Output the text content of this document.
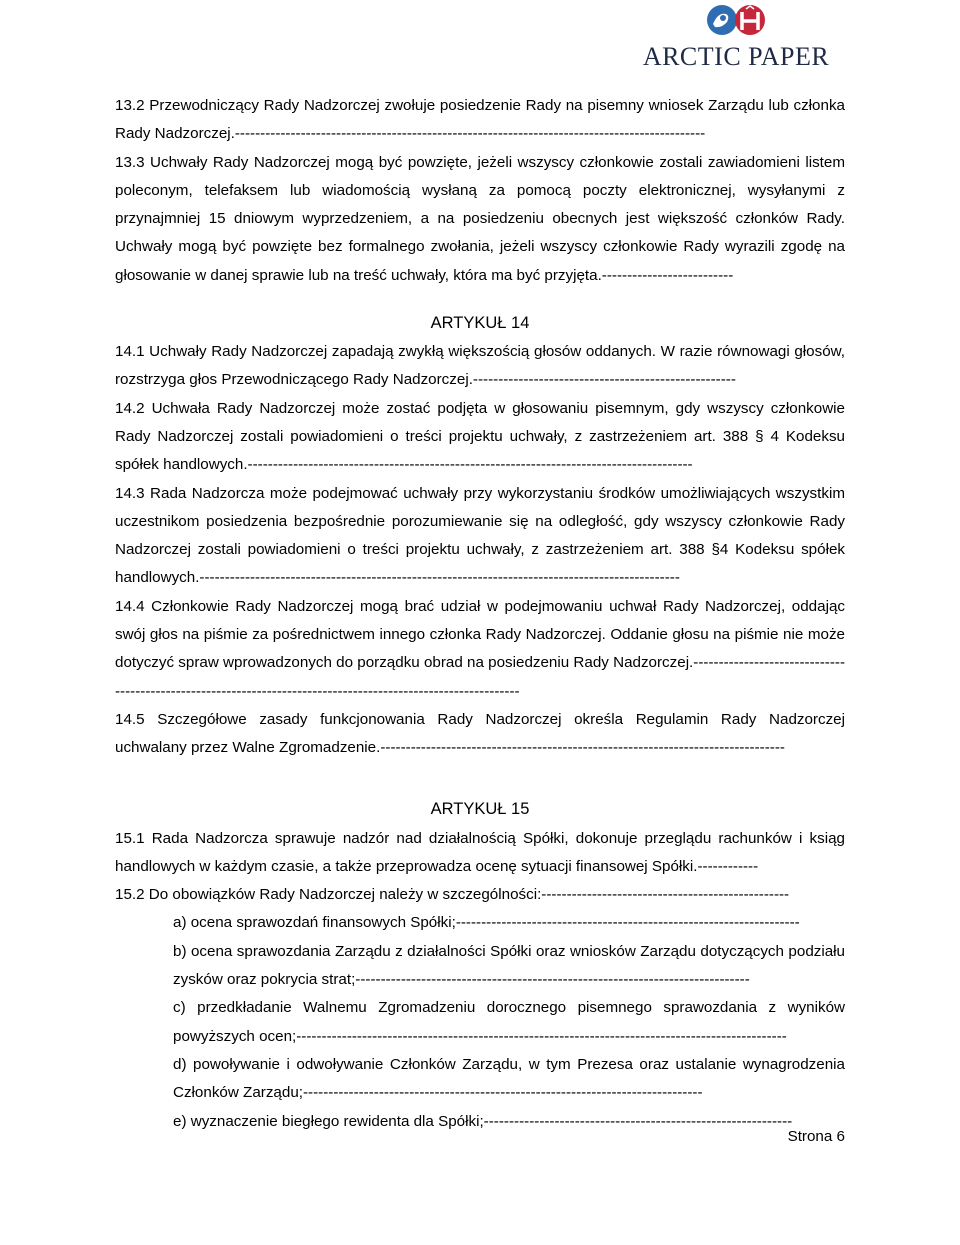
ARCTIC PAPER

13.2 Przewodniczący Rady Nadzorczej zwołuje posiedzenie Rady na pisemny wniosek Zarządu lub członka Rady Nadzorczej.---------------------------------------------------------------------------------------------

13.3 Uchwały Rady Nadzorczej mogą być powzięte, jeżeli wszyscy członkowie zostali zawiadomieni listem poleconym, telefaksem lub wiadomością wysłaną za pomocą poczty elektronicznej, wysyłanymi z przynajmniej 15 dniowym wyprzedzeniem, a na posiedzeniu obecnych jest większość członków Rady. Uchwały mogą być powzięte bez formalnego zwołania, jeżeli wszyscy członkowie Rady wyrazili zgodę na głosowanie w danej sprawie lub na treść uchwały, która ma być przyjęta.--------------------------

ARTYKUŁ 14

14.1 Uchwały Rady Nadzorczej zapadają zwykłą większością głosów oddanych. W razie równowagi głosów, rozstrzyga głos Przewodniczącego Rady Nadzorczej.----------------------------------------------------

14.2 Uchwała Rady Nadzorczej może zostać podjęta w głosowaniu pisemnym, gdy wszyscy członkowie Rady Nadzorczej zostali powiadomieni o treści projektu uchwały, z zastrzeżeniem art. 388 § 4 Kodeksu spółek handlowych.----------------------------------------------------------------------------------------

14.3 Rada Nadzorcza może podejmować uchwały przy wykorzystaniu środków umożliwiających wszystkim uczestnikom posiedzenia bezpośrednie porozumiewanie się na odległość, gdy wszyscy członkowie Rady Nadzorczej zostali powiadomieni o treści projektu uchwały, z zastrzeżeniem art. 388 §4 Kodeksu spółek handlowych.-----------------------------------------------------------------------------------------------

14.4 Członkowie Rady Nadzorczej mogą brać udział w podejmowaniu uchwał Rady Nadzorczej, oddając swój głos na piśmie za pośrednictwem innego członka Rady Nadzorczej. Oddanie głosu na piśmie nie może dotyczyć spraw wprowadzonych do porządku obrad na posiedzeniu Rady Nadzorczej.--------------------------------------------------------------------------------------------------------------

14.5 Szczegółowe zasady funkcjonowania Rady Nadzorczej określa Regulamin Rady Nadzorczej uchwalany przez Walne Zgromadzenie.--------------------------------------------------------------------------------

ARTYKUŁ 15

15.1 Rada Nadzorcza sprawuje nadzór nad działalnością Spółki, dokonuje przeglądu rachunków i ksiąg handlowych w każdym czasie, a także przeprowadza ocenę sytuacji finansowej Spółki.------------

15.2 Do obowiązków Rady Nadzorczej należy w szczególności:-------------------------------------------------

a) ocena sprawozdań finansowych Spółki;--------------------------------------------------------------------

b) ocena sprawozdania Zarządu z działalności Spółki oraz wniosków Zarządu dotyczących podziału zysków oraz pokrycia strat;------------------------------------------------------------------------------

c) przedkładanie Walnemu Zgromadzeniu dorocznego pisemnego sprawozdania z wyników powyższych ocen;-------------------------------------------------------------------------------------------------

d) powoływanie i odwoływanie Członków Zarządu, w tym Prezesa oraz ustalanie wynagrodzenia Członków Zarządu;-------------------------------------------------------------------------------

e) wyznaczenie biegłego rewidenta dla Spółki;-------------------------------------------------------------

Strona 6
